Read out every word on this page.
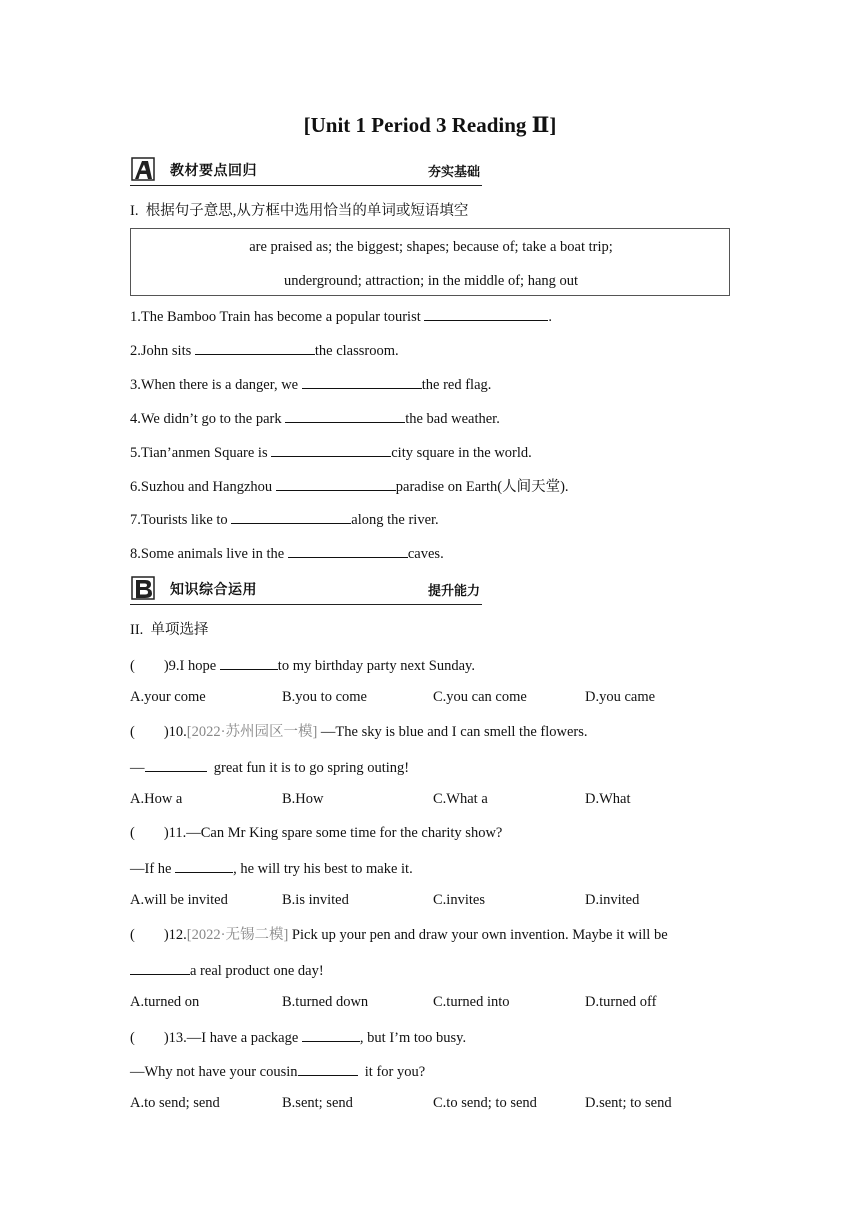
[Unit 1 Period 3 Reading Ⅱ]
教材要点回归	夯实基础
I.  根据句子意思,从方框中选用恰当的单词或短语填空
are praised as; the biggest; shapes; because of; take a boat trip;
underground; attraction; in the middle of; hang out
1.The Bamboo Train has become a popular tourist	.
2.John sits	the classroom.
3.When there is a danger, we	the red flag.
4.We didn’t go to the park	the bad weather.
5.Tian’anmen Square is	city square in the world.
6.Suzhou and Hangzhou	paradise on Earth(人间天堂).
7.Tourists like to	along the river.
8.Some animals live in the	caves.
知识综合运用	提升能力
II.  单项选择
(        )9.I hope	to my birthday party next Sunday.
A.your come	B.you to come	C.you can come	D.you came
(        )10.[2022·苏州园区一模] —The sky is blue and I can smell the flowers.
—	great fun it is to go spring outing!
A.How a	B.How	C.What a	D.What
(        )11.—Can Mr King spare some time for the charity show?
—If he	, he will try his best to make it.
A.will be invited	B.is invited	C.invites	D.invited
(        )12.[2022·无锡二模] Pick up your pen and draw your own invention. Maybe it will be
a real product one day!
A.turned on	B.turned down	C.turned into	D.turned off
(        )13.—I have a package	, but I’m too busy.
—Why not have your cousin	it for you?
A.to send; send	B.sent; send	C.to send; to send	D.sent; to send
